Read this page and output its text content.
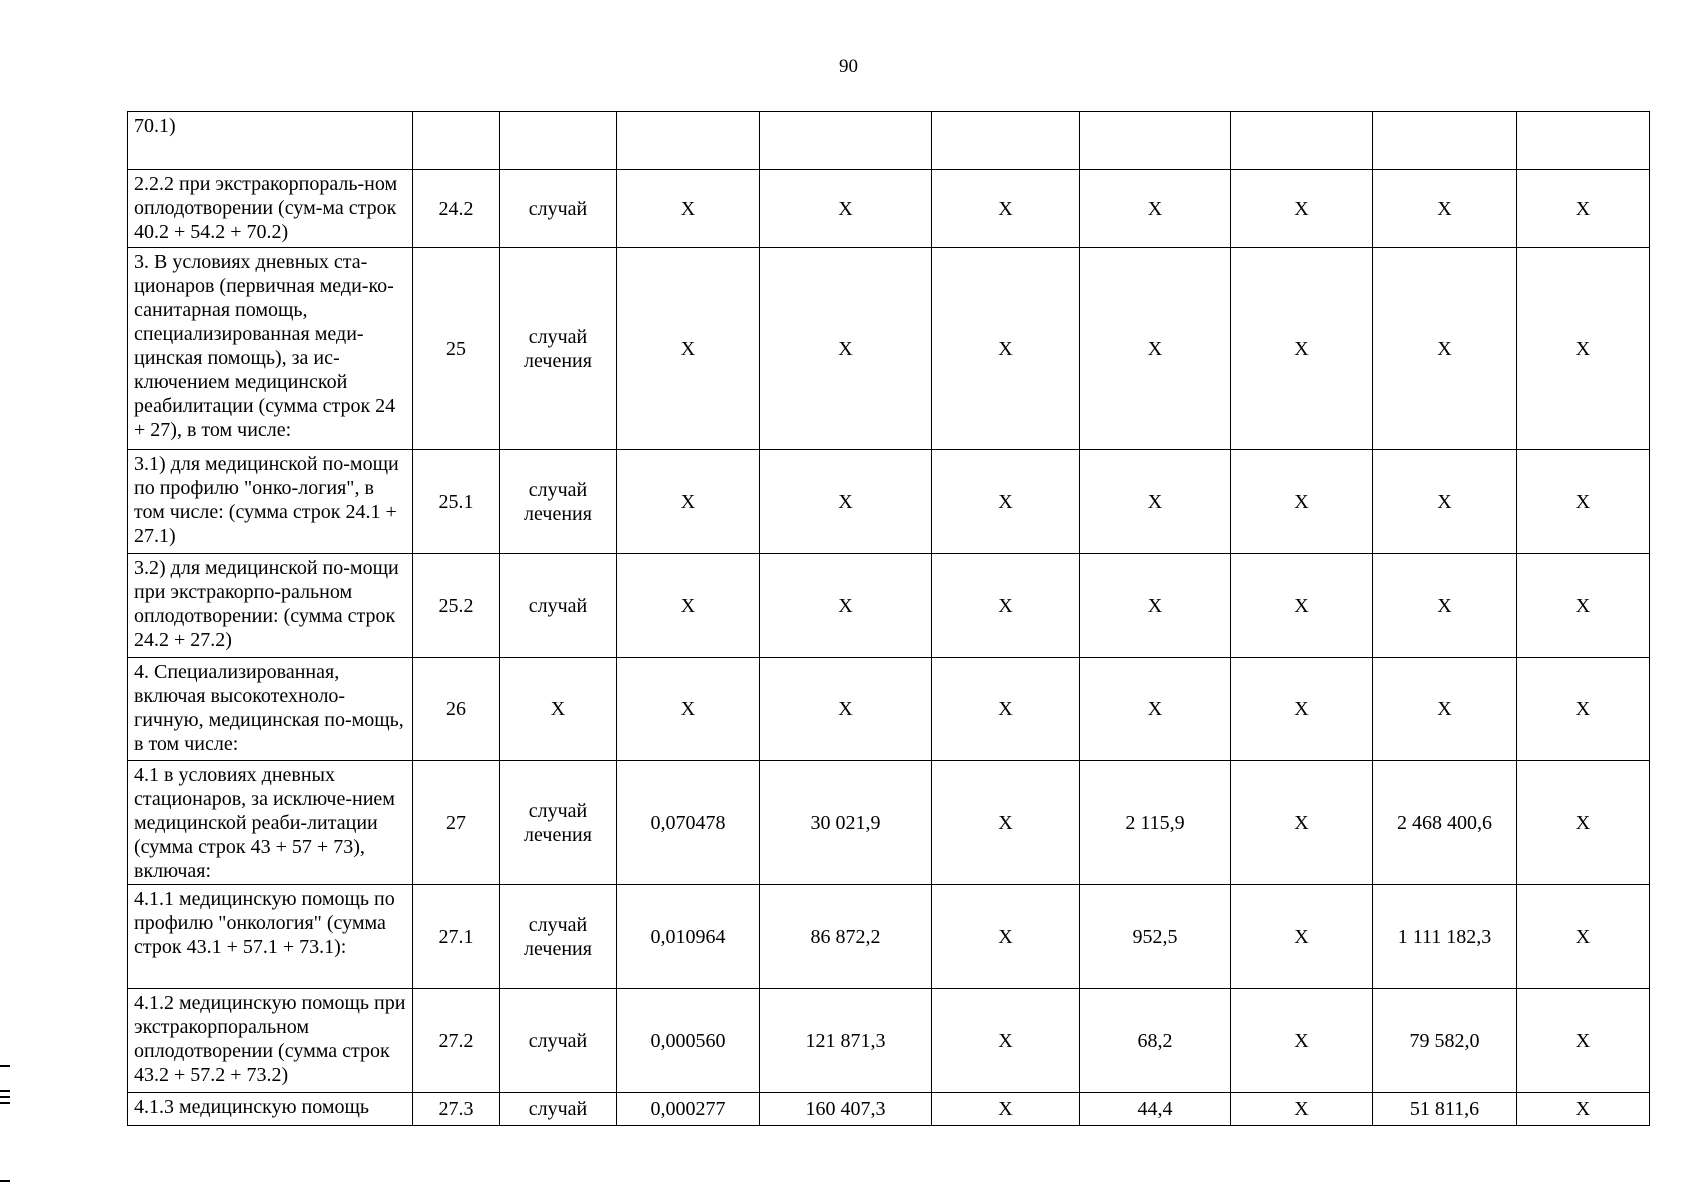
90
70.1)									
2.2.2 при экстракорпораль-ном оплодотворении (сум-ма строк 40.2 + 54.2 + 70.2)	24.2	случай	X	X	X	X	X	X	X
3. В условиях дневных ста-ционаров (первичная меди-ко-санитарная помощь, специализированная меди-цинская помощь), за ис-ключением медицинской реабилитации (сумма строк 24 + 27), в том числе:	25	случай лечения	X	X	X	X	X	X	X
3.1) для медицинской по-мощи по профилю "онко-логия", в том числе: (сумма строк 24.1 + 27.1)	25.1	случай лечения	X	X	X	X	X	X	X
3.2) для медицинской по-мощи при экстракорпо-ральном оплодотворении: (сумма строк 24.2 + 27.2)	25.2	случай	X	X	X	X	X	X	X
4. Специализированная, включая высокотехноло-гичную, медицинская по-мощь, в том числе:	26	X	X	X	X	X	X	X	X
4.1 в условиях дневных стационаров, за исключе-нием медицинской реаби-литации (сумма строк 43 + 57 + 73), включая:	27	случай лечения	0,070478	30 021,9	X	2 115,9	X	2 468 400,6	X
4.1.1 медицинскую помощь по профилю "онкология" (сумма строк 43.1 + 57.1 + 73.1):	27.1	случай лечения	0,010964	86 872,2	X	952,5	X	1 111 182,3	X
4.1.2 медицинскую помощь при экстракорпоральном оплодотворении (сумма строк 43.2 + 57.2 + 73.2)	27.2	случай	0,000560	121 871,3	X	68,2	X	79 582,0	X
4.1.3 медицинскую помощь	27.3	случай	0,000277	160 407,3	X	44,4	X	51 811,6	X
